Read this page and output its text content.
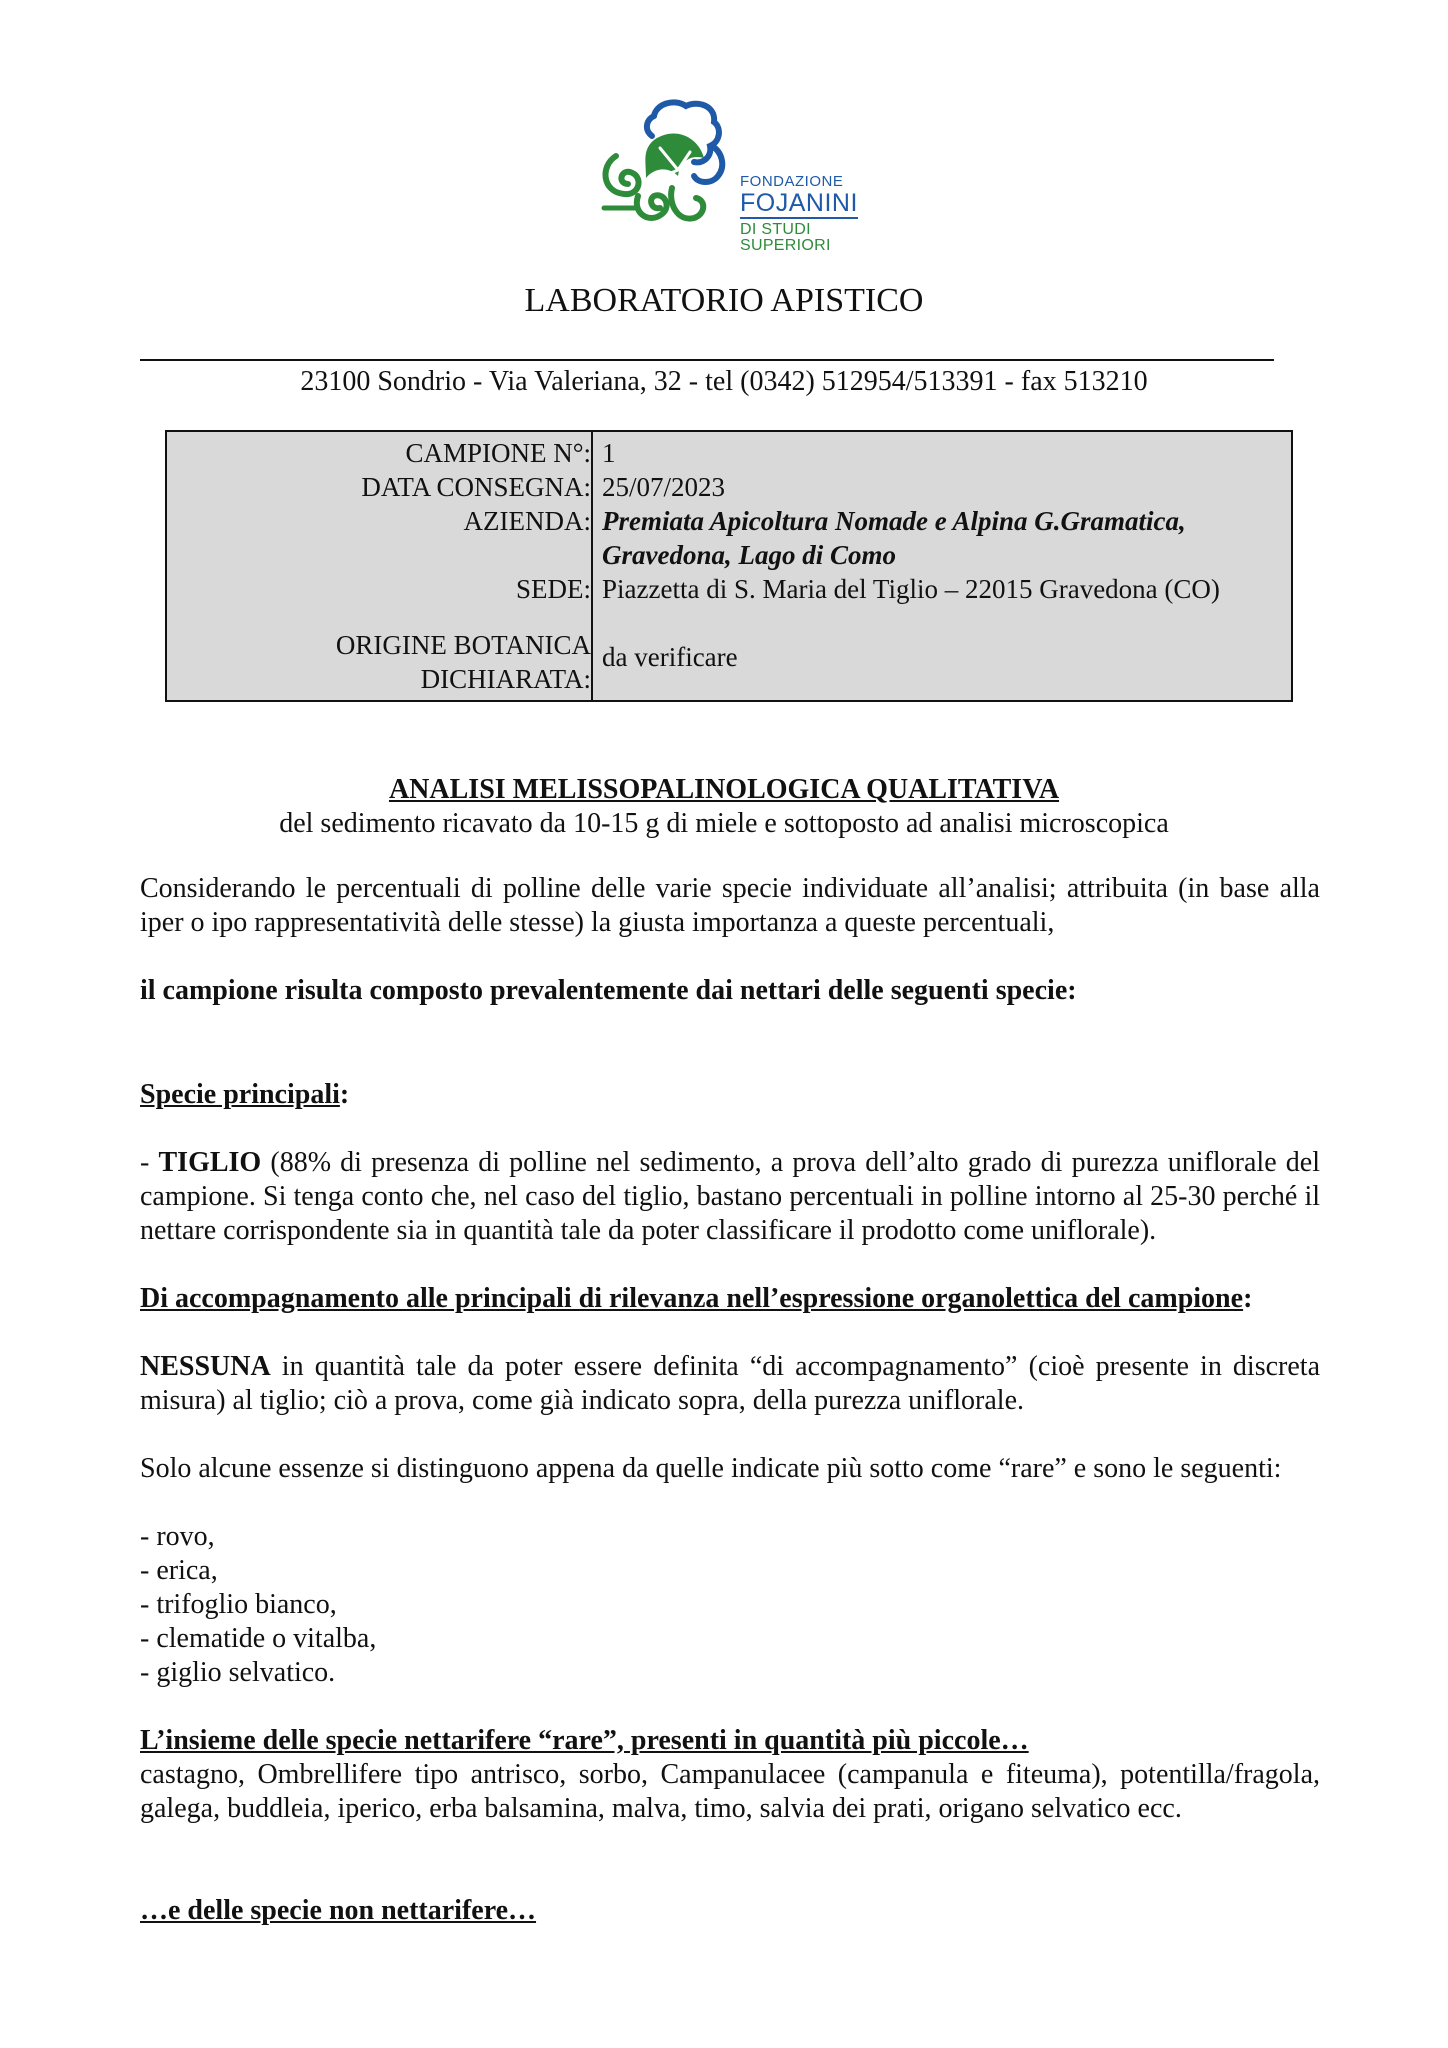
FONDAZIONE
FOJANINI
DI STUDI
SUPERIORI
LABORATORIO APISTICO
23100 Sondrio - Via Valeriana, 32 - tel (0342) 512954/513391 - fax 513210
CAMPIONE N°: 1
DATA CONSEGNA: 25/07/2023
AZIENDA: Premiata Apicoltura Nomade e Alpina G.Gramatica,
Gravedona, Lago di Como
SEDE: Piazzetta di S. Maria del Tiglio – 22015 Gravedona (CO)
ORIGINE BOTANICA da verificare
DICHIARATA:
ANALISI MELISSOPALINOLOGICA QUALITATIVA
del sedimento ricavato da 10-15 g di miele e sottoposto ad analisi microscopica
Considerando le percentuali di polline delle varie specie individuate all’analisi; attribuita (in base alla iper o ipo rappresentatività delle stesse) la giusta importanza a queste percentuali,
il campione risulta composto prevalentemente dai nettari delle seguenti specie:
Specie principali:
- TIGLIO (88% di presenza di polline nel sedimento, a prova dell’alto grado di purezza uniflorale del campione. Si tenga conto che, nel caso del tiglio, bastano percentuali in polline intorno al 25-30 perché il nettare corrispondente sia in quantità tale da poter classificare il prodotto come uniflorale).
Di accompagnamento alle principali di rilevanza nell’espressione organolettica del campione:
NESSUNA in quantità tale da poter essere definita “di accompagnamento” (cioè presente in discreta misura) al tiglio; ciò a prova, come già indicato sopra, della purezza uniflorale.
Solo alcune essenze si distinguono appena da quelle indicate più sotto come “rare” e sono le seguenti:
- rovo,
- erica,
- trifoglio bianco,
- clematide o vitalba,
- giglio selvatico.
L’insieme delle specie nettarifere “rare”, presenti in quantità più piccole…
castagno, Ombrellifere tipo antrisco, sorbo, Campanulacee (campanula e fiteuma), potentilla/fragola, galega, buddleia, iperico, erba balsamina, malva, timo, salvia dei prati, origano selvatico ecc.
…e delle specie non nettarifere…
